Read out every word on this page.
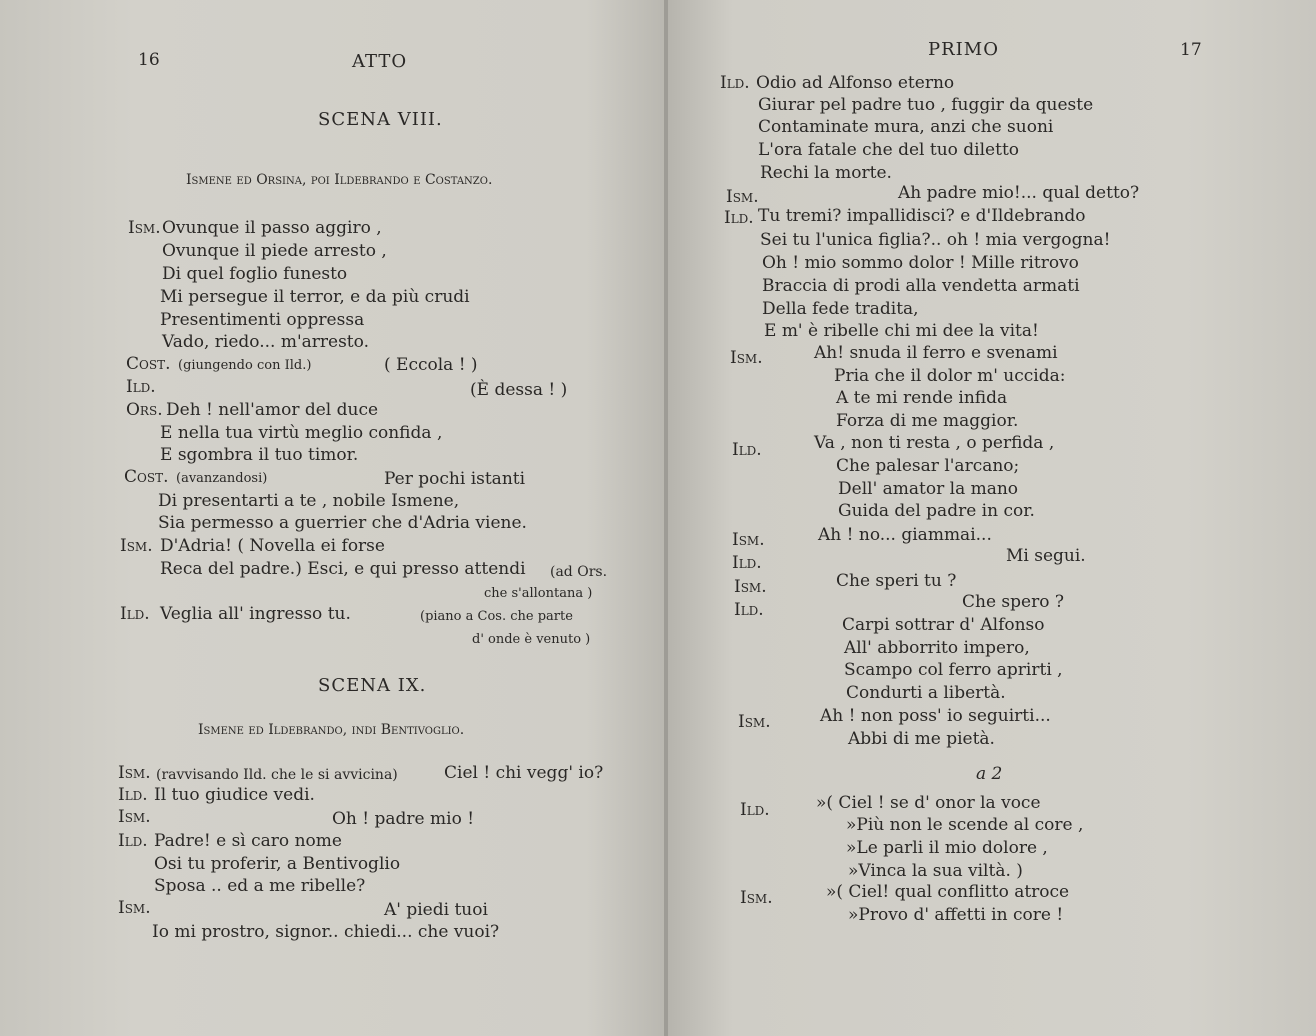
16	ATTO
SCENA VIII.
Ismene ed Orsina, poi Ildebrando e Costanzo.
Ism. Ovunque il passo aggiro ,
Ovunque il piede arresto ,
Di quel foglio funesto
Mi persegue il terror, e da più crudi
Presentimenti oppressa
Vado, riedo... m'arresto.
Cost. (giungendo con Ild.)	( Eccola ! )
Ild.	(È dessa ! )
Ors. Deh ! nell'amor del duce
E nella tua virtù meglio confida ,
E sgombra il tuo timor.
Cost. (avanzandosi)	Per pochi istanti
Di presentarti a te , nobile Ismene,
Sia permesso a guerrier che d'Adria viene.
Ism. D'Adria! ( Novella ei forse
Reca del padre.) Esci, e qui presso attendi (ad Ors.
che s'allontana )
Ild. Veglia all' ingresso tu.	(piano a Cos. che parte
d' onde è venuto )
SCENA IX.
Ismene ed Ildebrando, indi Bentivoglio.
Ism. (ravvisando Ild. che le si avvicina)	Ciel ! chi vegg' io?
Ild. Il tuo giudice vedi.
Ism.	Oh ! padre mio !
Ild. Padre! e sì caro nome
Osi tu proferir, a Bentivoglio
Sposa .. ed a me ribelle?
Ism.	A' piedi tuoi
Io mi prostro, signor.. chiedi... che vuoi?
PRIMO	17
Ild. Odio ad Alfonso eterno
Giurar pel padre tuo , fuggir da queste
Contaminate mura, anzi che suoni
L'ora fatale che del tuo diletto
Rechi la morte.
Ism.	Ah padre mio!... qual detto?
Ild. Tu tremi? impallidisci? e d'Ildebrando
Sei tu l'unica figlia?.. oh ! mia vergogna!
Oh ! mio sommo dolor ! Mille ritrovo
Braccia di prodi alla vendetta armati
Della fede tradita,
E m' è ribelle chi mi dee la vita!
Ism.	Ah! snuda il ferro e svenami
Pria che il dolor m' uccida:
A te mi rende infida
Forza di me maggior.
Ild.	Va , non ti resta , o perfida ,
Che palesar l'arcano;
Dell' amator la mano
Guida del padre in cor.
Ism.	Ah ! no... giammai...
Ild.	Mi segui.
Ism.	Che speri tu ?
Ild.	Che spero ?
Carpi sottrar d' Alfonso
All' abborrito impero,
Scampo col ferro aprirti ,
Condurti a libertà.
Ism.	Ah ! non poss' io seguirti...
Abbi di me pietà.
a 2
Ild.	»( Ciel ! se d' onor la voce
»Più non le scende al core ,
»Le parli il mio dolore ,
»Vinca la sua viltà. )
Ism.	»( Ciel! qual conflitto atroce
»Provo d' affetti in core !
